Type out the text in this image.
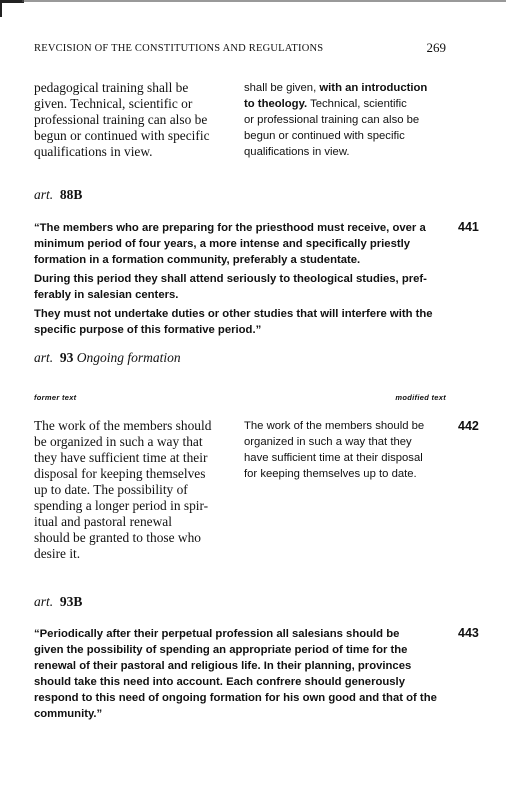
REVCISION OF THE CONSTITUTIONS AND REGULATIONS	269
pedagogical training shall be
given. Technical, scientific or
professional training can also be
begun or continued with specific
qualifications in view.
shall be given, with an introduction
to theology. Technical, scientific
or professional training can also be
begun or continued with specific
qualifications in view.
art. 88B
441
“The members who are preparing for the priesthood must receive, over a
minimum period of four years, a more intense and specifically priestly
formation in a formation community, preferably a studentate.
During this period they shall attend seriously to theological studies, pref-
ferably in salesian centers.
They must not undertake duties or other studies that will interfere with the
specific purpose of this formative period.”
art. 93 Ongoing formation
former text	modified text
442
The work of the members should
be organized in such a way that
they have sufficient time at their
disposal for keeping themselves
up to date. The possibility of
spending a longer period in spir-
itual and pastoral renewal
should be granted to those who
desire it.
The work of the members should be
organized in such a way that they
have sufficient time at their disposal
for keeping themselves up to date.
art. 93B
443
“Periodically after their perpetual profession all salesians should be
given the possibility of spending an appropriate period of time for the
renewal of their pastoral and religious life. In their planning, provinces
should take this need into account. Each confrere should generously
respond to this need of ongoing formation for his own good and that of the
community.”
